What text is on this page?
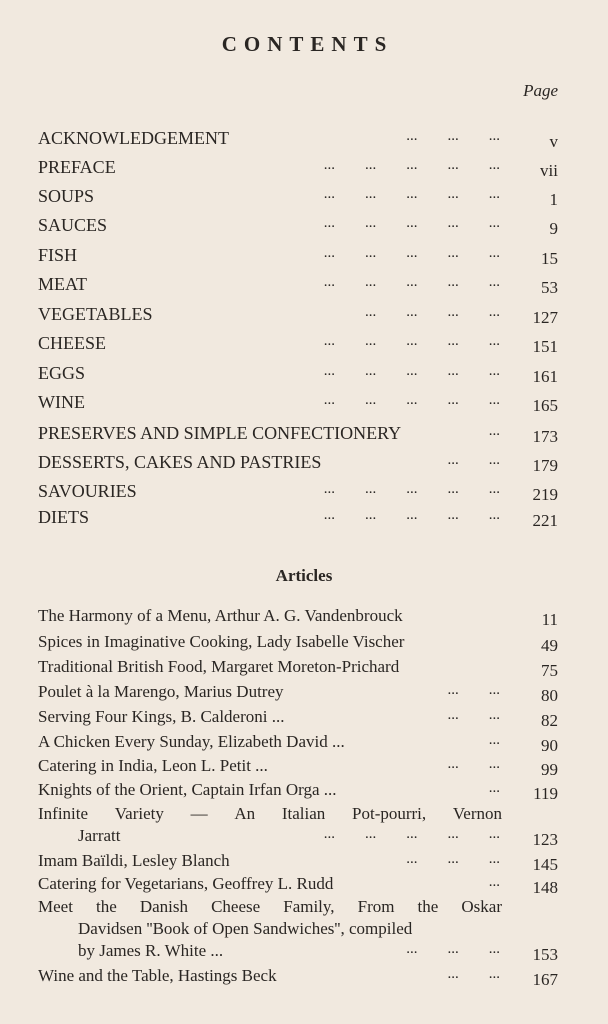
CONTENTS
Page
ACKNOWLEDGEMENT	...        ...        ...	v
PREFACE	...        ...        ...        ...        ... vii
SOUPS	...        ...        ...        ...        ...	1
SAUCES	...        ...        ...        ...        ...	9
FISH	...        ...        ...        ...        ... 15
MEAT	...        ...        ...        ...        ... 53
VEGETABLES	...        ...        ...        ... 127
CHEESE	...        ...        ...        ...        ... 151
EGGS	...        ...        ...        ...        ... 161
WINE	...        ...        ...        ...        ... 165
PRESERVES AND SIMPLE CONFECTIONERY	... 173
DESSERTS, CAKES AND PASTRIES	...        ... 179
SAVOURIES	...        ...        ...        ...        ... 219
DIETS	...        ...        ...        ...        ... 221
Articles
The Harmony of a Menu, Arthur A. G. Vandenbrouck	11
Spices in Imaginative Cooking, Lady Isabelle Vischer	49
Traditional British Food, Margaret Moreton-Prichard	75
Poulet à la Marengo, Marius Dutrey	...        ... 80
Serving Four Kings, B. Calderoni ...	...        ... 82
A Chicken Every Sunday, Elizabeth David ...	... 90
Catering in India, Leon L. Petit ...	...        ... 99
Knights of the Orient, Captain Irfan Orga ...	... 119
Infinite Variety — An Italian Pot-pourri, Vernon
Jarratt	...        ...        ...        ...        ... 123
Imam Baïldi, Lesley Blanch	...        ...        ... 145
Catering for Vegetarians, Geoffrey L. Rudd	... 148
Meet the Danish Cheese Family, From the Oskar
Davidsen ''Book of Open Sandwiches'', compiled
by James R. White ...	...        ...        ... 153
Wine and the Table, Hastings Beck	...        ... 167
